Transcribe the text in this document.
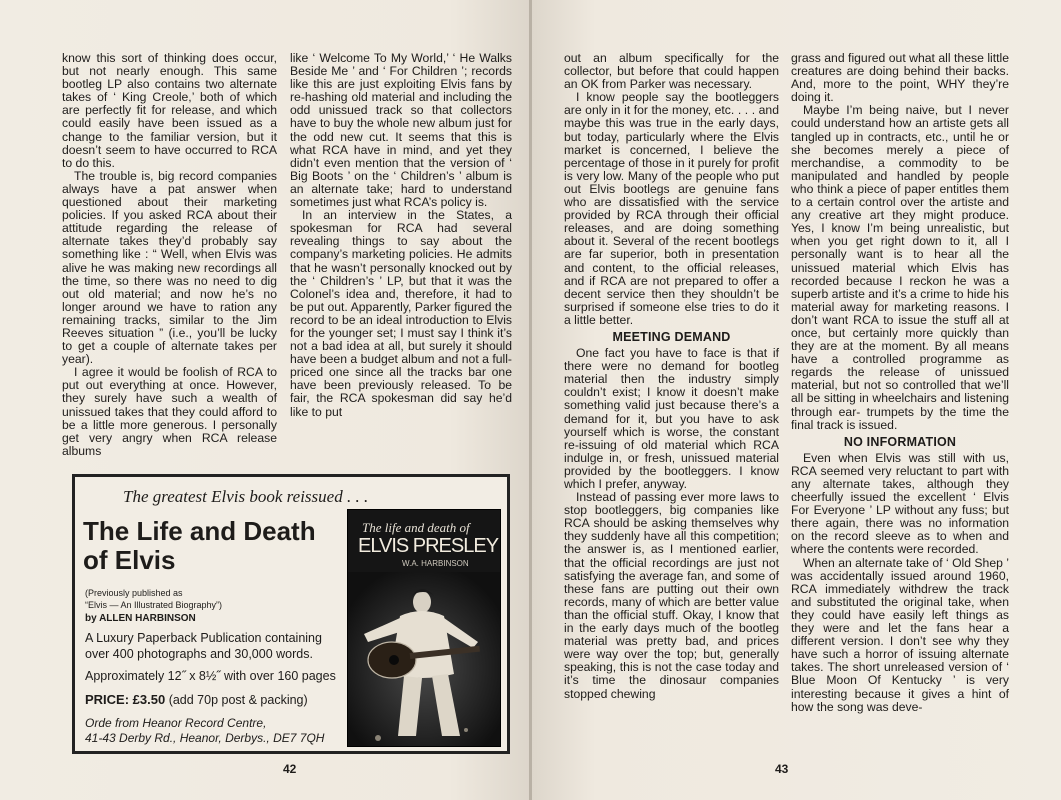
know this sort of thinking does occur, but not nearly enough. This same bootleg LP also contains two alternate takes of ‘ King Creole,’ both of which are perfectly fit for release, and which could easily have been issued as a change to the familiar version, but it doesn’t seem to have occurred to RCA to do this.

The trouble is, big record companies always have a pat answer when questioned about their marketing policies. If you asked RCA about their attitude regarding the release of alternate takes they’d probably say something like : “ Well, when Elvis was alive he was making new recordings all the time, so there was no need to dig out old material; and now he’s no longer around we have to ration any remaining tracks, similar to the Jim Reeves situation ” (i.e., you’ll be lucky to get a couple of alternate takes per year).

I agree it would be foolish of RCA to put out everything at once. However, they surely have such a wealth of unissued takes that they could afford to be a little more generous. I personally get very angry when RCA release albums

like ‘ Welcome To My World,’ ‘ He Walks Beside Me ’ and ‘ For Children ’; records like this are just exploiting Elvis fans by re-hashing old material and including the odd unissued track so that collectors have to buy the whole new album just for the odd new cut. It seems that this is what RCA have in mind, and yet they didn’t even mention that the version of ‘ Big Boots ’ on the ‘ Children’s ’ album is an alternate take; hard to understand sometimes just what RCA’s policy is.

In an interview in the States, a spokesman for RCA had several revealing things to say about the company’s marketing policies. He admits that he wasn’t personally knocked out by the ‘ Children’s ’ LP, but that it was the Colonel’s idea and, therefore, it had to be put out. Apparently, Parker figured the record to be an ideal introduction to Elvis for the younger set; I must say I think it’s not a bad idea at all, but surely it should have been a budget album and not a full-priced one since all the tracks bar one have been previously released. To be fair, the RCA spokesman did say he’d like to put

The greatest Elvis book reissued . . .
The Life and Death of Elvis
(Previously published as
“Elvis — An Illustrated Biography”)
by ALLEN HARBINSON
A Luxury Paperback Publication containing over 400 photographs and 30,000 words.
Approximately 12˝ x 8½˝ with over 160 pages
PRICE: £3.50 (add 70p post & packing)
Orde from Heanor Record Centre,
41-43 Derby Rd., Heanor, Derbys., DE7 7QH
The life and death of
ELVIS PRESLEY
W.A. HARBINSON
42

out an album specifically for the collector, but before that could happen an OK from Parker was necessary.

I know people say the bootleggers are only in it for the money, etc. . . . and maybe this was true in the early days, but today, particularly where the Elvis market is concerned, I believe the percentage of those in it purely for profit is very low. Many of the people who put out Elvis bootlegs are genuine fans who are dissatisfied with the service provided by RCA through their official releases, and are doing something about it. Several of the recent bootlegs are far superior, both in presentation and content, to the official releases, and if RCA are not prepared to offer a decent service then they shouldn’t be surprised if someone else tries to do it a little better.

MEETING DEMAND

One fact you have to face is that if there were no demand for bootleg material then the industry simply couldn’t exist; I know it doesn’t make something valid just because there’s a demand for it, but you have to ask yourself which is worse, the constant re-issuing of old material which RCA indulge in, or fresh, unissued material provided by the bootleggers. I know which I prefer, anyway.

Instead of passing ever more laws to stop bootleggers, big companies like RCA should be asking themselves why they suddenly have all this competition; the answer is, as I mentioned earlier, that the official recordings are just not satisfying the average fan, and some of these fans are putting out their own records, many of which are better value than the official stuff. Okay, I know that in the early days much of the bootleg material was pretty bad, and prices were way over the top; but, generally speaking, this is not the case today and it’s time the dinosaur companies stopped chewing

grass and figured out what all these little creatures are doing behind their backs. And, more to the point, WHY they’re doing it.

Maybe I’m being naive, but I never could understand how an artiste gets all tangled up in contracts, etc., until he or she becomes merely a piece of merchandise, a commodity to be manipulated and handled by people who think a piece of paper entitles them to a certain control over the artiste and any creative art they might produce. Yes, I know I’m being unrealistic, but when you get right down to it, all I personally want is to hear all the unissued material which Elvis has recorded because I reckon he was a superb artiste and it’s a crime to hide his material away for marketing reasons. I don’t want RCA to issue the stuff all at once, but certainly more quickly than they are at the moment. By all means have a controlled programme as regards the release of unissued material, but not so controlled that we’ll all be sitting in wheelchairs and listening through ear- trumpets by the time the final track is issued.

NO INFORMATION

Even when Elvis was still with us, RCA seemed very reluctant to part with any alternate takes, although they cheerfully issued the excellent ‘ Elvis For Everyone ’ LP without any fuss; but there again, there was no information on the record sleeve as to when and where the contents were recorded.

When an alternate take of ‘ Old Shep ’ was accidentally issued around 1960, RCA immediately withdrew the track and substituted the original take, when they could have easily left things as they were and let the fans hear a different version. I don’t see why they have such a horror of issuing alternate takes. The short unreleased version of ‘ Blue Moon Of Kentucky ’ is very interesting because it gives a hint of how the song was deve-

43
